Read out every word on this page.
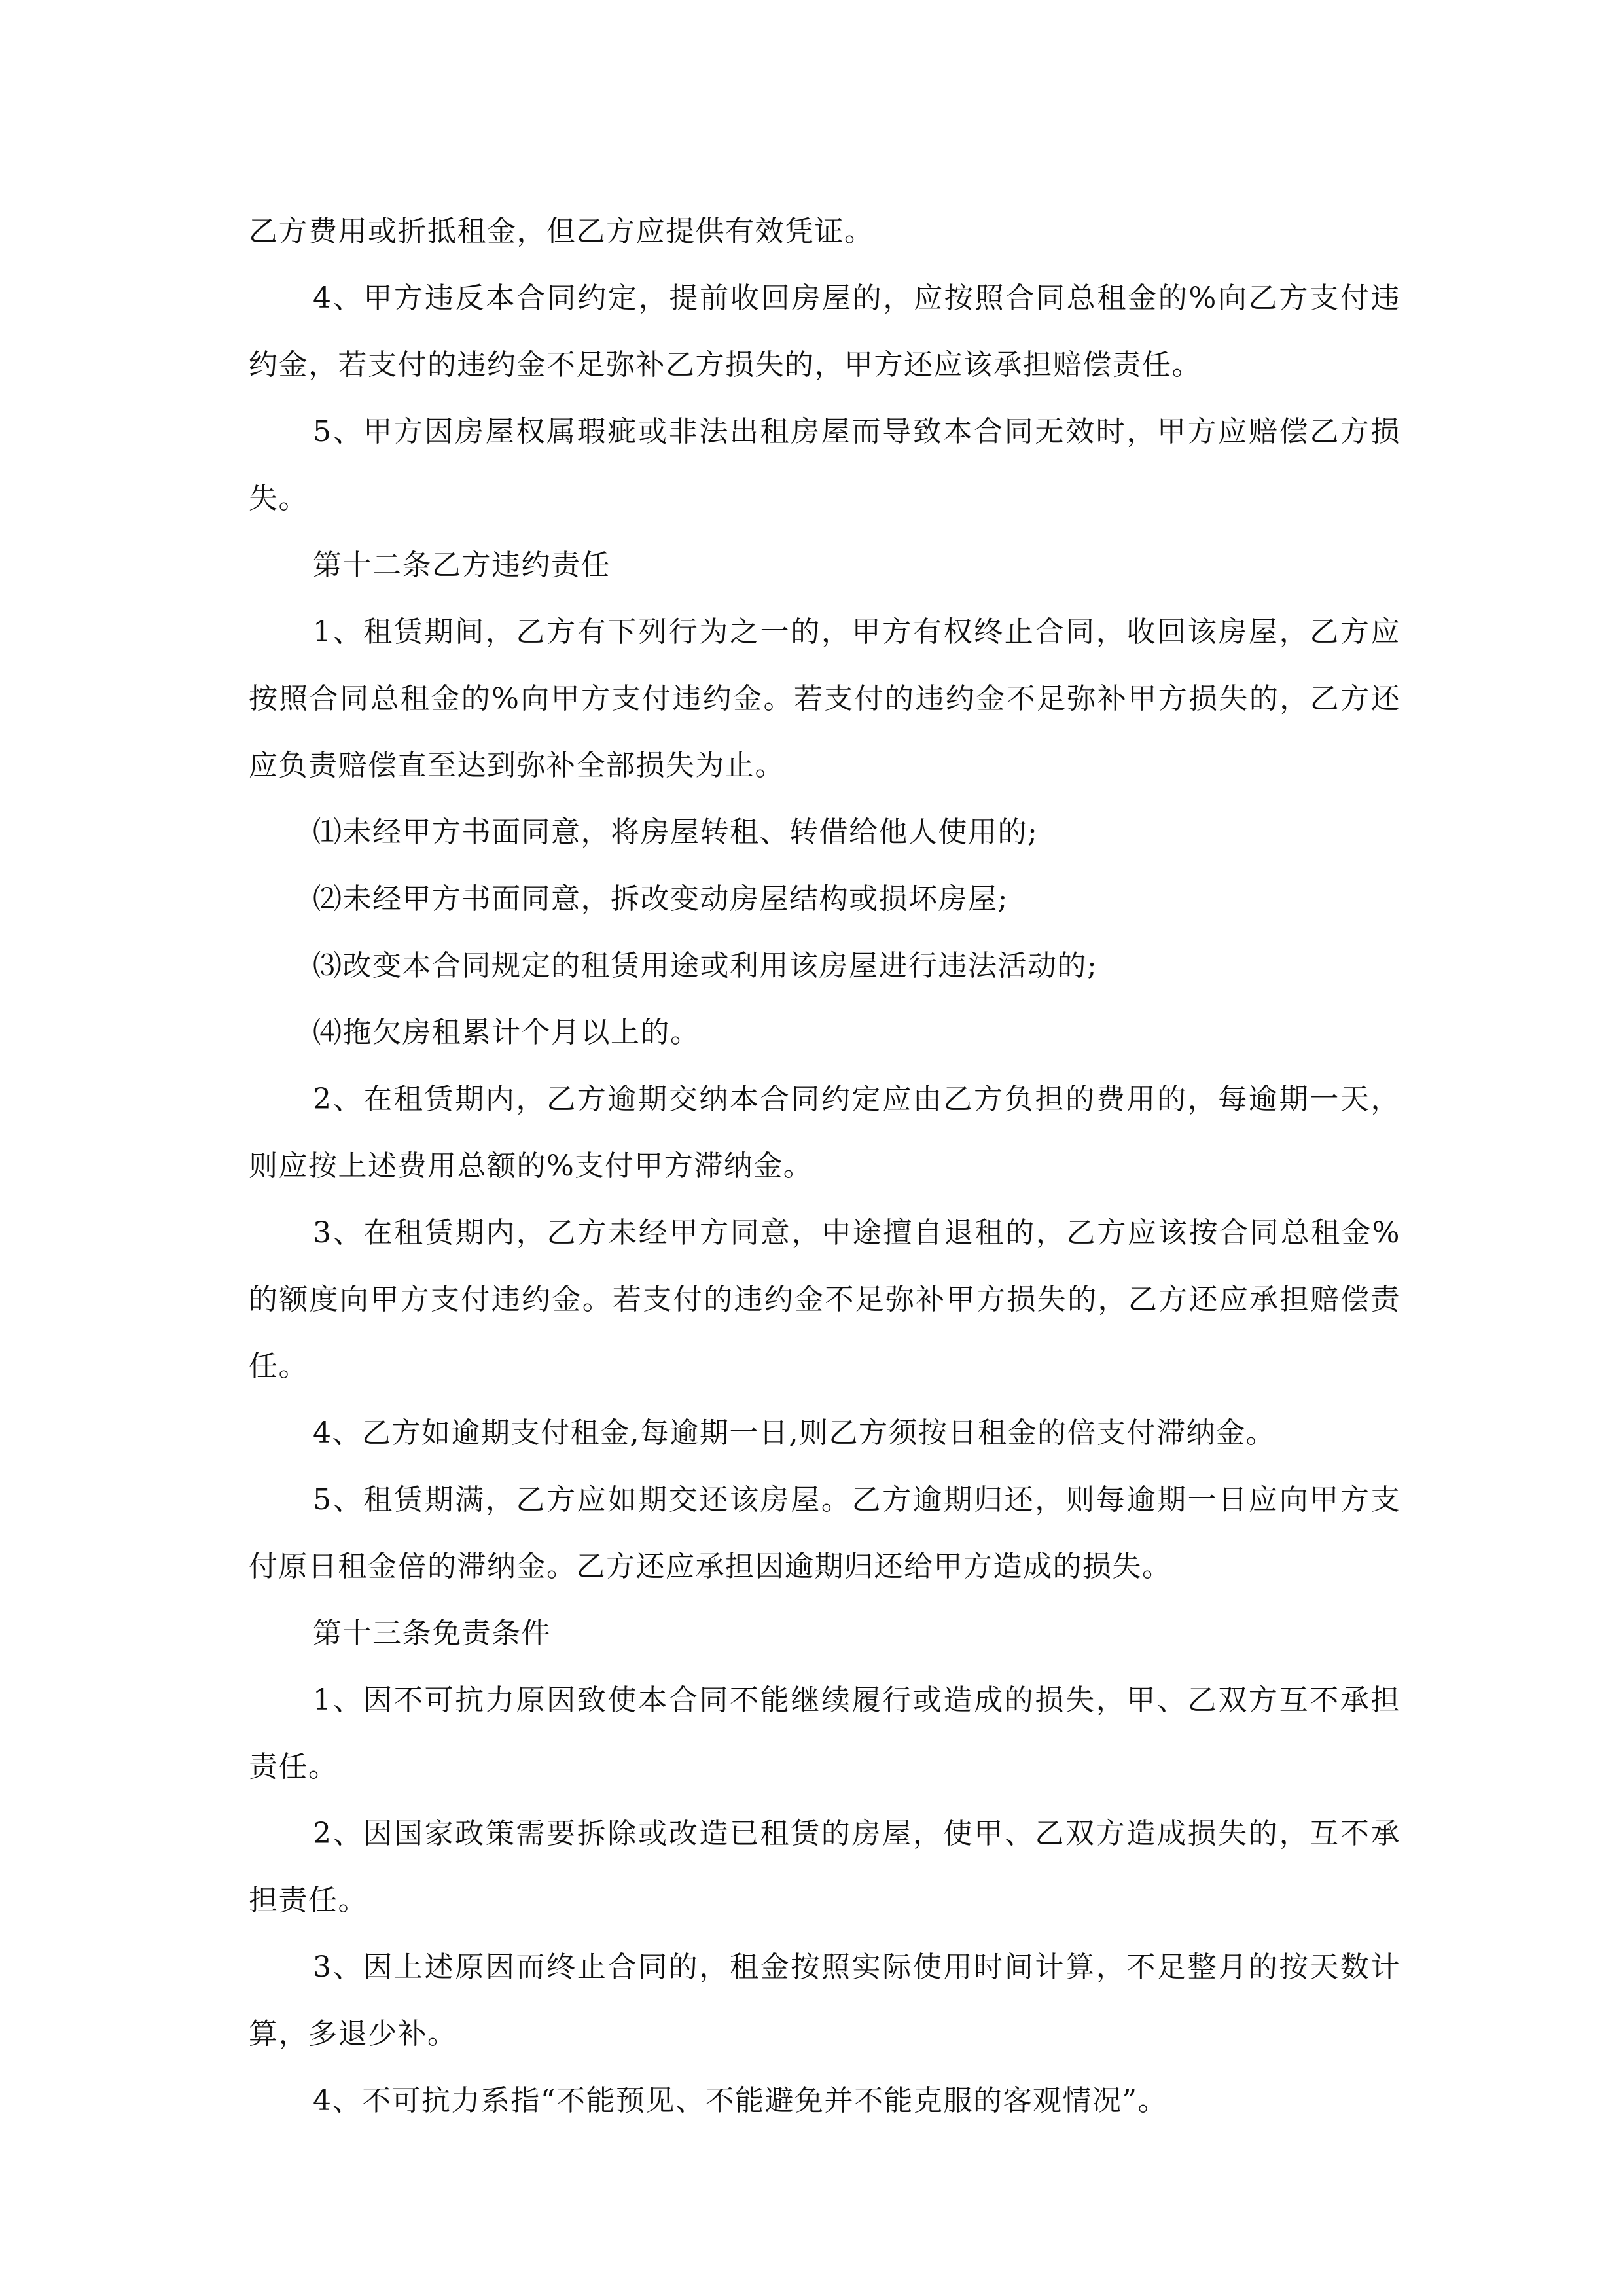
乙方费用或折抵租金，但乙方应提供有效凭证。

4、甲方违反本合同约定，提前收回房屋的，应按照合同总租金的%向乙方支付违约金，若支付的违约金不足弥补乙方损失的，甲方还应该承担赔偿责任。

5、甲方因房屋权属瑕疵或非法出租房屋而导致本合同无效时，甲方应赔偿乙方损失。

第十二条乙方违约责任

1、租赁期间，乙方有下列行为之一的，甲方有权终止合同，收回该房屋，乙方应按照合同总租金的%向甲方支付违约金。若支付的违约金不足弥补甲方损失的，乙方还应负责赔偿直至达到弥补全部损失为止。

⑴未经甲方书面同意，将房屋转租、转借给他人使用的;

⑵未经甲方书面同意，拆改变动房屋结构或损坏房屋;

⑶改变本合同规定的租赁用途或利用该房屋进行违法活动的;

⑷拖欠房租累计个月以上的。

2、在租赁期内，乙方逾期交纳本合同约定应由乙方负担的费用的，每逾期一天，则应按上述费用总额的%支付甲方滞纳金。

3、在租赁期内，乙方未经甲方同意，中途擅自退租的，乙方应该按合同总租金%的额度向甲方支付违约金。若支付的违约金不足弥补甲方损失的，乙方还应承担赔偿责任。

4、乙方如逾期支付租金,每逾期一日,则乙方须按日租金的倍支付滞纳金。

5、租赁期满，乙方应如期交还该房屋。乙方逾期归还，则每逾期一日应向甲方支付原日租金倍的滞纳金。乙方还应承担因逾期归还给甲方造成的损失。

第十三条免责条件

1、因不可抗力原因致使本合同不能继续履行或造成的损失，甲、乙双方互不承担责任。

2、因国家政策需要拆除或改造已租赁的房屋，使甲、乙双方造成损失的，互不承担责任。

3、因上述原因而终止合同的，租金按照实际使用时间计算，不足整月的按天数计算，多退少补。

4、不可抗力系指“不能预见、不能避免并不能克服的客观情况”。
